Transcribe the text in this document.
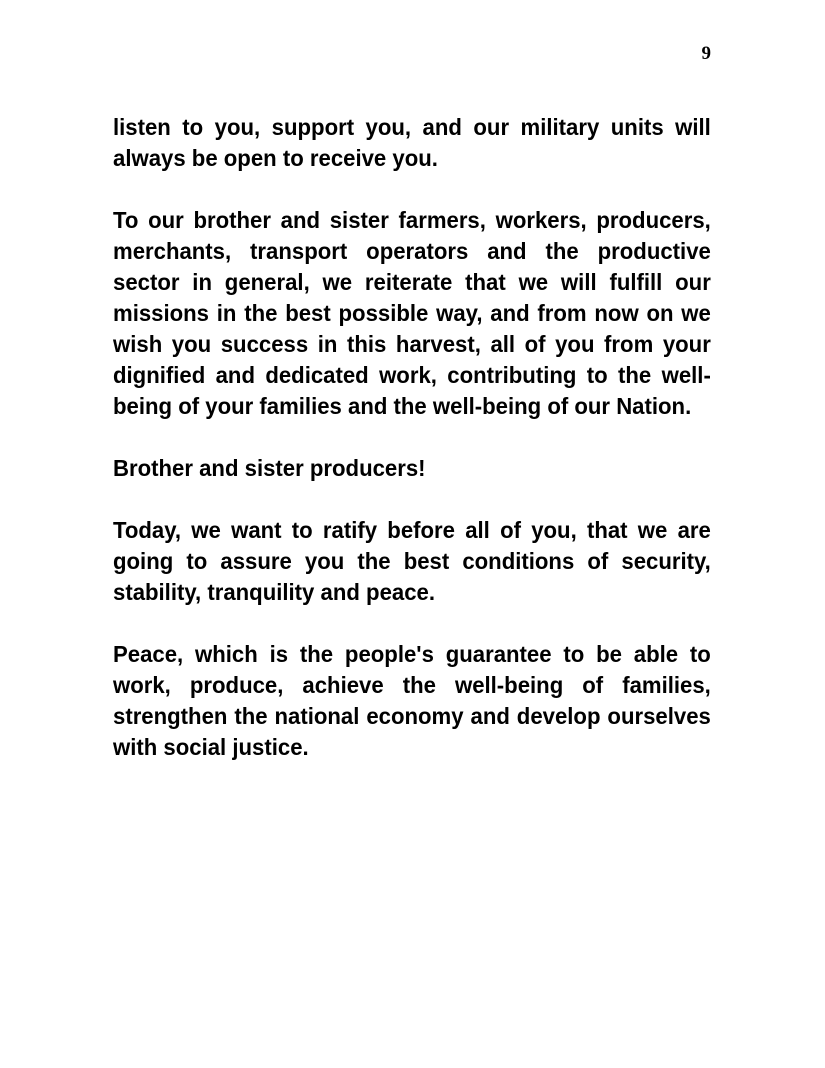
9

listen to you, support you, and our military units will always be open to receive you.

To our brother and sister farmers, workers, producers, merchants, transport operators and the productive sector in general, we reiterate that we will fulfill our missions in the best possible way, and from now on we wish you success in this harvest, all of you from your dignified and dedicated work, contributing to the well-being of your families and the well-being of our Nation.

Brother and sister producers!

Today, we want to ratify before all of you, that we are going to assure you the best conditions of security, stability, tranquility and peace.

Peace, which is the people's guarantee to be able to work, produce, achieve the well-being of families, strengthen the national economy and develop ourselves with social justice.
